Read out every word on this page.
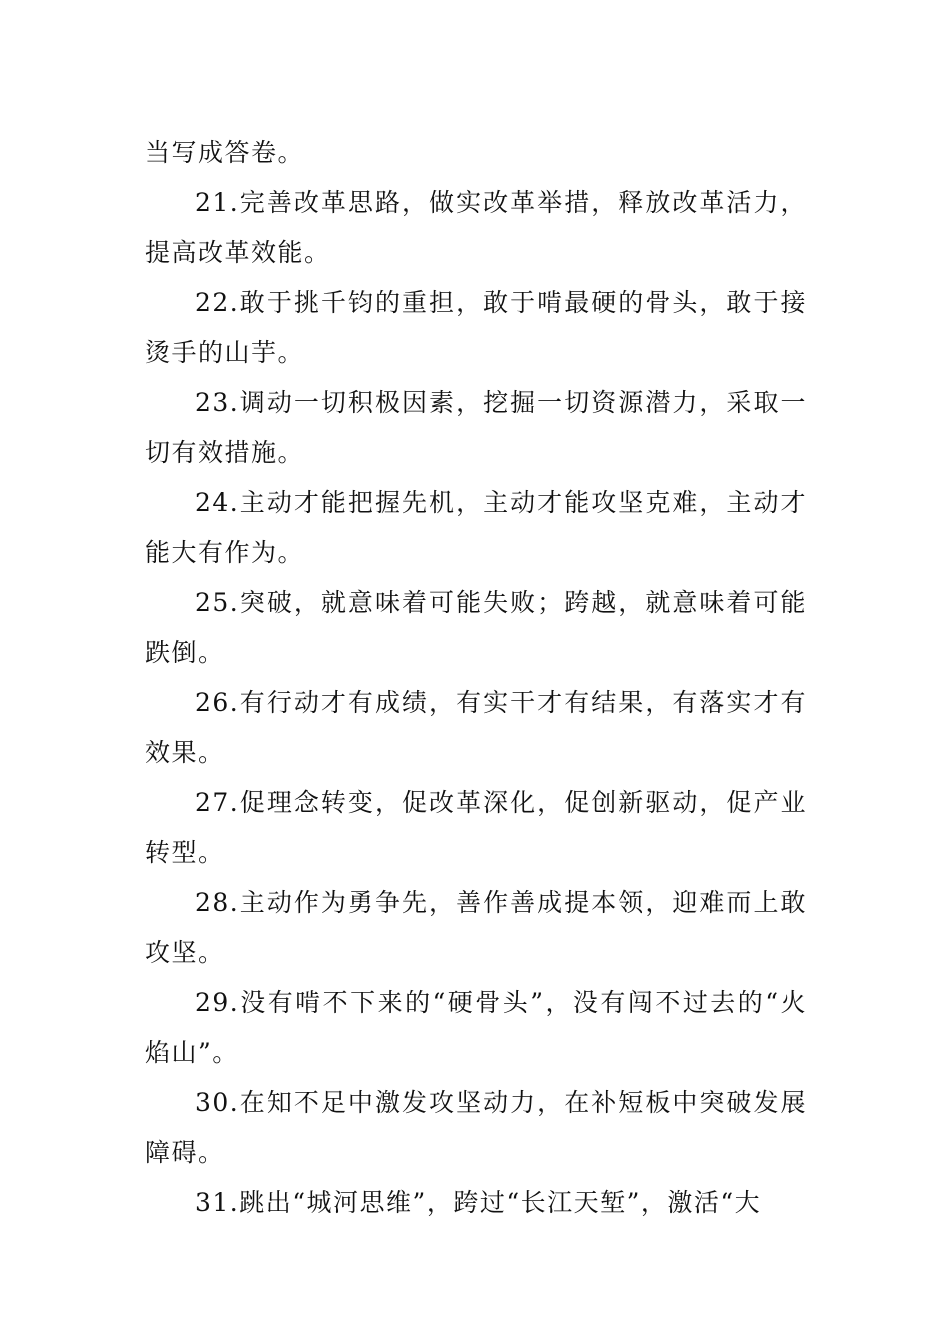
当写成答卷。

21.完善改革思路，做实改革举措，释放改革活力，提高改革效能。

22.敢于挑千钧的重担，敢于啃最硬的骨头，敢于接烫手的山芋。

23.调动一切积极因素，挖掘一切资源潜力，采取一切有效措施。

24.主动才能把握先机，主动才能攻坚克难，主动才能大有作为。

25.突破，就意味着可能失败；跨越，就意味着可能跌倒。

26.有行动才有成绩，有实干才有结果，有落实才有效果。

27.促理念转变，促改革深化，促创新驱动，促产业转型。

28.主动作为勇争先，善作善成提本领，迎难而上敢攻坚。

29.没有啃不下来的“硬骨头”，没有闯不过去的“火焰山”。

30.在知不足中激发攻坚动力，在补短板中突破发展障碍。

31.跳出“城河思维”，跨过“长江天堑”，激活“大
